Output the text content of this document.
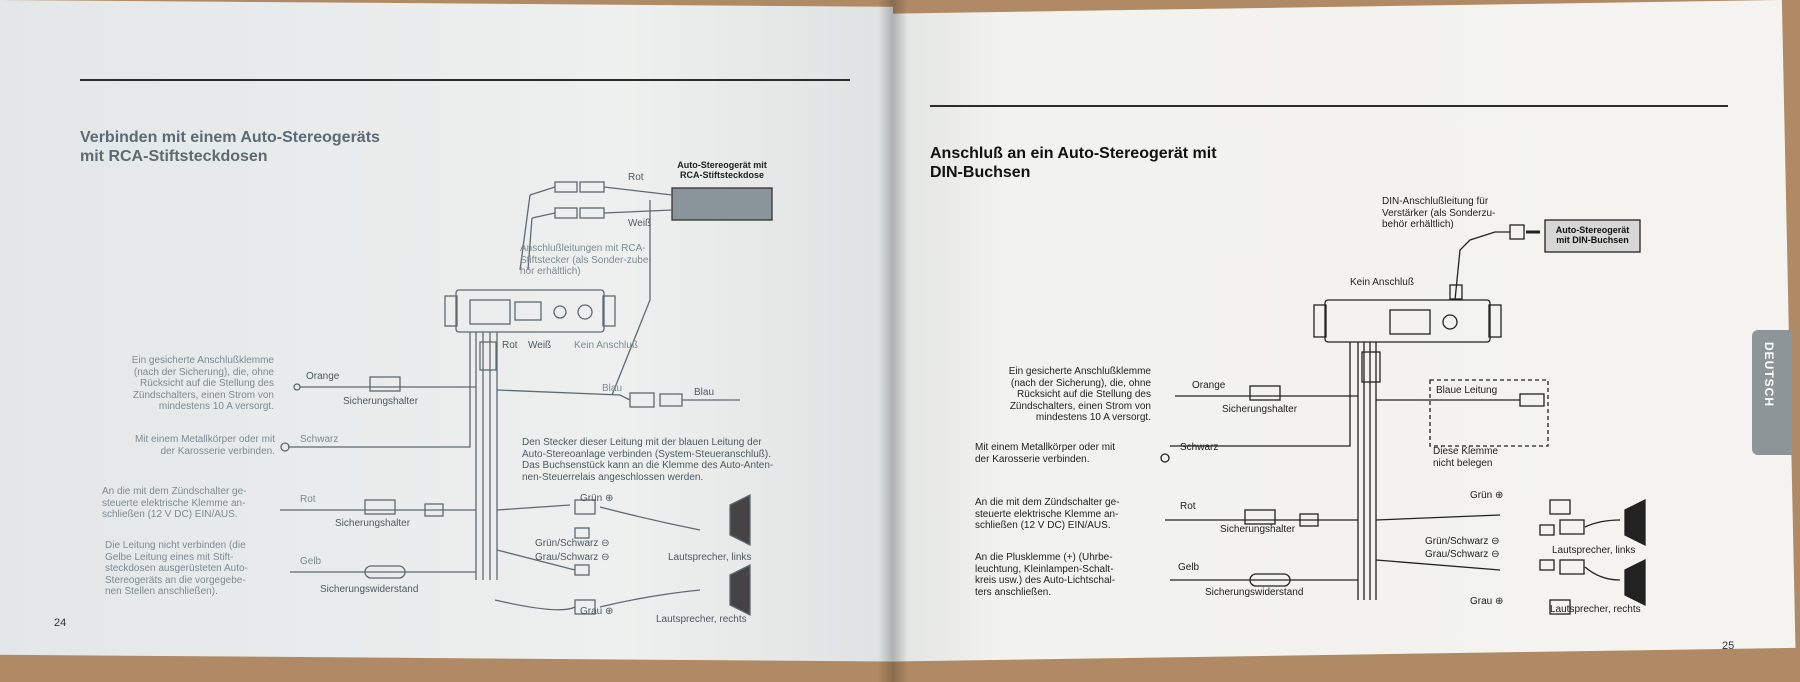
Verbinden mit einem Auto-Stereogeräts
mit RCA-Stiftsteckdosen	Auto-Stereogerät mit
RCA-Stiftsteckdose
Rot
Weiß
Anschlußleitungen mit RCA-
Stiftstecker (als Sonder-zube-
hör erhältlich)
Rot Weiß Kein Anschluß
Ein gesicherte Anschlußklemme
(nach der Sicherung), die, ohne
Rücksicht auf die Stellung des
Zündschalters, einen Strom von
mindestens 10 A versorgt.
Orange
Sicherungshalter
Blau	Blau
Mit einem Metallkörper oder mit
der Karosserie verbinden.
Schwarz	Den Stecker dieser Leitung mit der blauen Leitung der
Auto-Stereoanlage verbinden (System-Steueranschluß).
Das Buchsenstück kann an die Klemme des Auto-Anten-
nen-Steuerrelais angeschlossen werden.
An die mit dem Zündschalter ge-
steuerte elektrische Klemme an-
schließen (12 V DC) EIN/AUS.
Rot
Sicherungshalter
Grün ⊕
Grün/Schwarz ⊖
Grau/Schwarz ⊖	Lautsprecher, links
Die Leitung nicht verbinden (die
Gelbe Leitung eines mit Stift-
steckdosen ausgerüsteten Auto-
Stereogeräts an die vorgegebe-
nen Stellen anschließen).
Gelb
Sicherungswiderstand
Grau ⊕
Lautsprecher, rechts
24
Anschluß an ein Auto-Stereogerät mit
DIN-Buchsen
DIN-Anschlußleitung für
Verstärker (als Sonderzu-
behör erhältlich)	Auto-Stereogerät
mit DIN-Buchsen
Kein Anschluß
Ein gesicherte Anschlußklemme
(nach der Sicherung), die, ohne
Rücksicht auf die Stellung des
Zündschalters, einen Strom von
mindestens 10 A versorgt.
Orange
Sicherungshalter
Blaue Leitung
Mit einem Metallkörper oder mit
der Karosserie verbinden.
Schwarz	Diese Klemme
nicht belegen
An die mit dem Zündschalter ge-
steuerte elektrische Klemme an-
schließen (12 V DC) EIN/AUS.
Rot
Sicherungshalter
Grün ⊕
Grün/Schwarz ⊖
Grau/Schwarz ⊖	Lautsprecher, links
An die Plusklemme (+) (Uhrbe-
leuchtung, Kleinlampen-Schalt-
kreis usw.) des Auto-Lichtschal-
ters anschließen.
Gelb
Sicherungswiderstand
Grau ⊕
Lautsprecher, rechts
25
DEUTSCH
